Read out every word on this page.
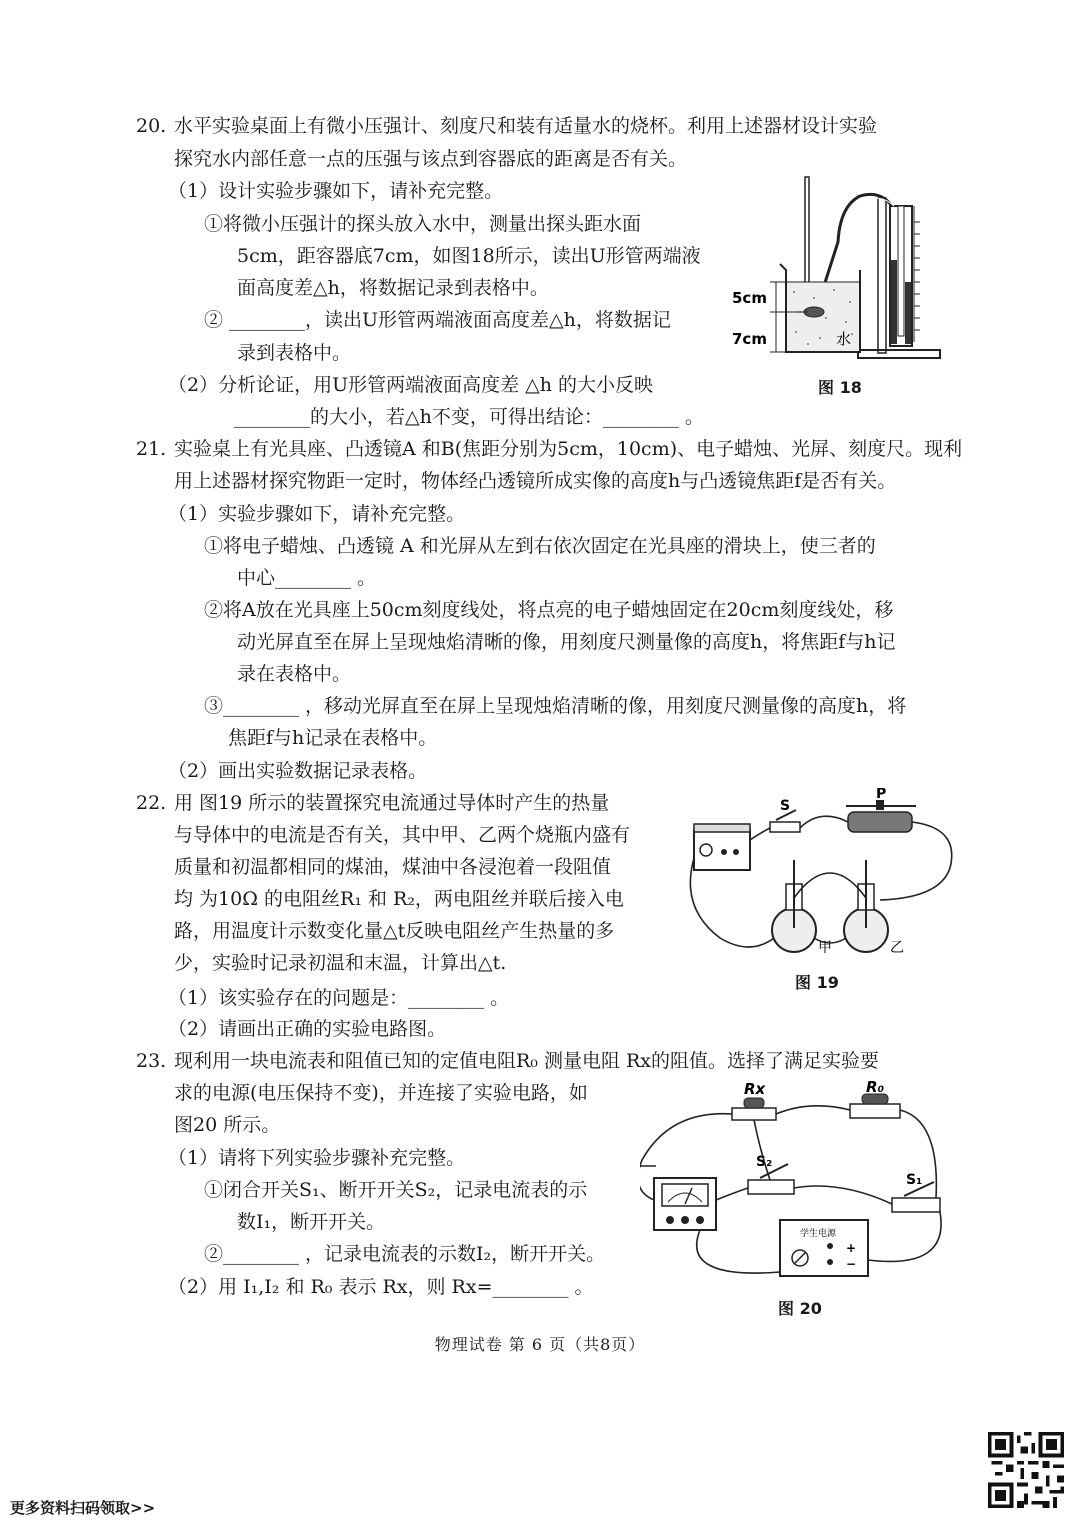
20. 水平实验桌面上有微小压强计、刻度尺和装有适量水的烧杯。利用上述器材设计实验
探究水内部任意一点的压强与该点到容器底的距离是否有关。
（1）设计实验步骤如下，请补充完整。
①将微小压强计的探头放入水中，测量出探头距水面
5cm，距容器底7cm，如图18所示，读出U形管两端液
面高度差△h，将数据记录到表格中。
② ________，读出U形管两端液面高度差△h，将数据记
录到表格中。
（2）分析论证，用U形管两端液面高度差 △h 的大小反映
________的大小，若△h不变，可得出结论：________ 。
5cm
7cm	水
图 18
21. 实验桌上有光具座、凸透镜A 和B(焦距分别为5cm，10cm)、电子蜡烛、光屏、刻度尺。现利
用上述器材探究物距一定时，物体经凸透镜所成实像的高度h与凸透镜焦距f是否有关。
（1）实验步骤如下，请补充完整。
①将电子蜡烛、凸透镜 A 和光屏从左到右依次固定在光具座的滑块上，使三者的
中心________ 。
②将A放在光具座上50cm刻度线处，将点亮的电子蜡烛固定在20cm刻度线处，移
动光屏直至在屏上呈现烛焰清晰的像，用刻度尺测量像的高度h，将焦距f与h记
录在表格中。
③________ ，移动光屏直至在屏上呈现烛焰清晰的像，用刻度尺测量像的高度h，将
焦距f与h记录在表格中。
（2）画出实验数据记录表格。
22. 用 图19 所示的装置探究电流通过导体时产生的热量
与导体中的电流是否有关，其中甲、乙两个烧瓶内盛有
质量和初温都相同的煤油，煤油中各浸泡着一段阻值
均 为10Ω 的电阻丝R₁ 和 R₂，两电阻丝并联后接入电
路，用温度计示数变化量△t反映电阻丝产生热量的多
少，实验时记录初温和末温，计算出△t.
（1）该实验存在的问题是：________ 。
（2）请画出正确的实验电路图。
S
P
甲	乙
图 19
23. 现利用一块电流表和阻值已知的定值电阻R₀ 测量电阻 Rx的阻值。选择了满足实验要
求的电源(电压保持不变)，并连接了实验电路，如
图20 所示。
（1）请将下列实验步骤补充完整。
①闭合开关S₁、断开开关S₂，记录电流表的示
数I₁，断开开关。
②________ ，记录电流表的示数I₂，断开开关。
（2）用 I₁,I₂ 和 R₀ 表示 Rx，则 Rx=________ 。
Rx	R₀
S₂
S₁
学生电源
+
−
图 20
物理试卷 第 6 页（共8页）
更多资料扫码领取>>
